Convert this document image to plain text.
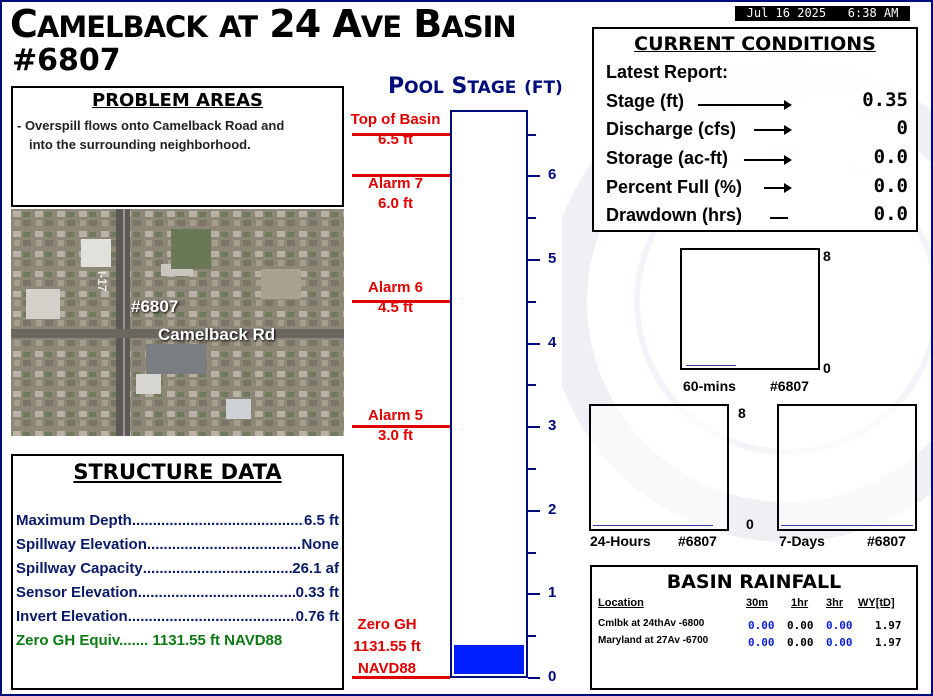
CAMELBACK AT 24 AVE BASIN
#6807
Jul 16 2025   6:38 AM
PROBLEM AREAS
- Overspill flows onto Camelback Road and
into the surrounding neighborhood.
#6807
Camelback Rd
I-17
STRUCTURE DATA
Maximum Depth .....	6.5 ft
Spillway Elevation .....	None
Spillway Capacity .....	26.1 af
Sensor Elevation .....	0.33 ft
Invert Elevation .....	0.76 ft
Zero GH Equiv.......
1131.55 ft NAVD88
POOL STAGE (FT)
0
1
2
3
4
5
6
Top of Basin
6.5 ft
Alarm 7
6.0 ft
Alarm 6
4.5 ft
Alarm 5
3.0 ft
Zero GH
1131.55 ft
NAVD88
CURRENT CONDITIONS
Latest Report:
Stage (ft)	0.35
Discharge (cfs)	0
Storage (ac-ft)	0.0
Percent Full (%)	0.0
Drawdown (hrs)	0.0
8
0
60-mins #6807
8
0
24-Hours #6807	7-Days	#6807
BASIN RAINFALL
Location	30m 1hr 3hr WY[tD]
Cmlbk at 24thAv -6800	0.00 0.00 0.00 1.97
Maryland at 27Av -6700	0.00 0.00 0.00 1.97
